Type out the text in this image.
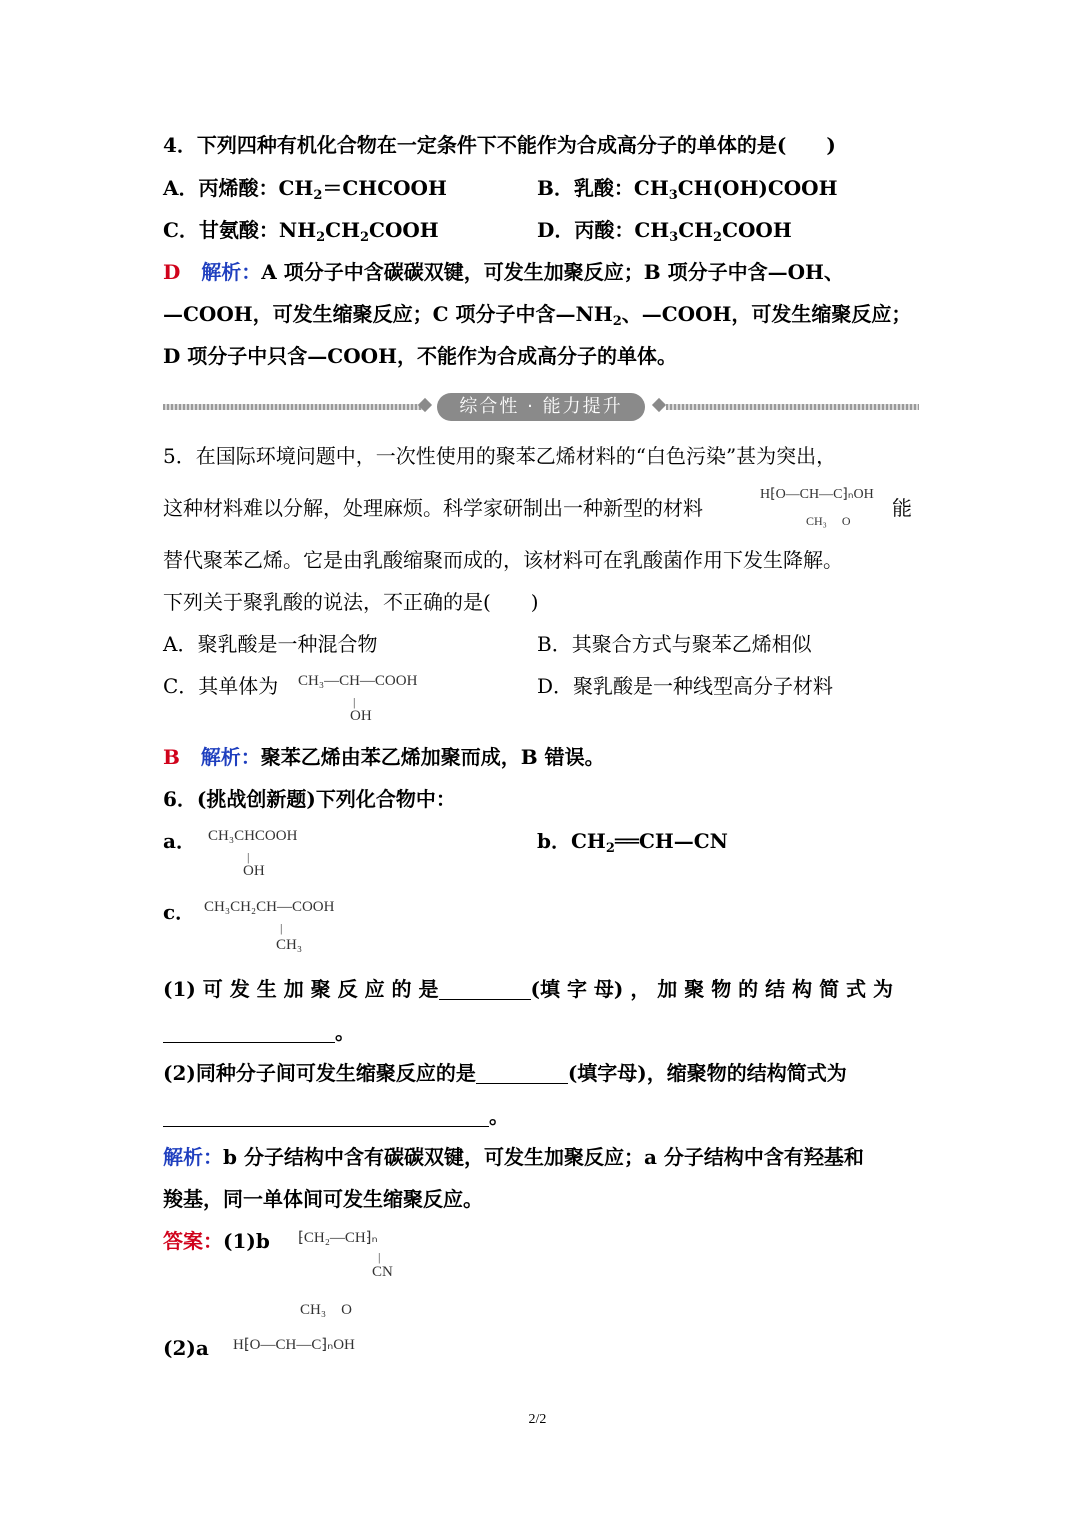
4．下列四种有机化合物在一定条件下不能作为合成高分子的单体的是(　　)
A．丙烯酸：$CH_2=CHCOOH$	B．乳酸：$CH_3CH(OH)COOH$
C．甘氨酸：$NH_2CH_2COOH$	D．丙酸：$CH_3CH_2COOH$
D 解析：A 项分子中含碳碳双键，可发生加聚反应；B 项分子中含—OH、
—COOH，可发生缩聚反应；C 项分子中含$—NH_2$、—COOH，可发生缩聚反应；
D 项分子中只含—COOH，不能作为合成高分子的单体。
综合性 · 能力提升
5．在国际环境问题中，一次性使用的聚苯乙烯材料的“白色污染”甚为突出，
这种材料难以分解，处理麻烦。科学家研制出一种新型的材料
H⁅O—CH—C⁆ₙOH
CH₃　 O
能
替代聚苯乙烯。它是由乳酸缩聚而成的，该材料可在乳酸菌作用下发生降解。
下列关于聚乳酸的说法，不正确的是(　　)
A．聚乳酸是一种混合物	B．其聚合方式与聚苯乙烯相似
C．其单体为 CH₃—CH—COOH
|
OH
D．聚乳酸是一种线型高分子材料
B 解析：聚苯乙烯由苯乙烯加聚而成，B 错误。
6．(挑战创新题)下列化合物中：
a． CH₃CHCOOH
|
OH
b．$CH_2══CH—CN$
c． CH₃CH₂CH—COOH
|
CH₃
(1) 可 发 生 加 聚 反 应 的 是	(填 字 母) ， 加 聚 物 的 结 构 简 式 为
。
(2)同种分子间可发生缩聚反应的是	(填字母)，缩聚物的结构简式为
。
解析：b 分子结构中含有碳碳双键，可发生加聚反应；a 分子结构中含有羟基和
羧基，同一单体间可发生缩聚反应。
答案：(1)b ⁅CH₂—CH⁆ₙ
|
CN
CH₃　O
(2)a H⁅O—CH—C⁆ₙOH
2/2
